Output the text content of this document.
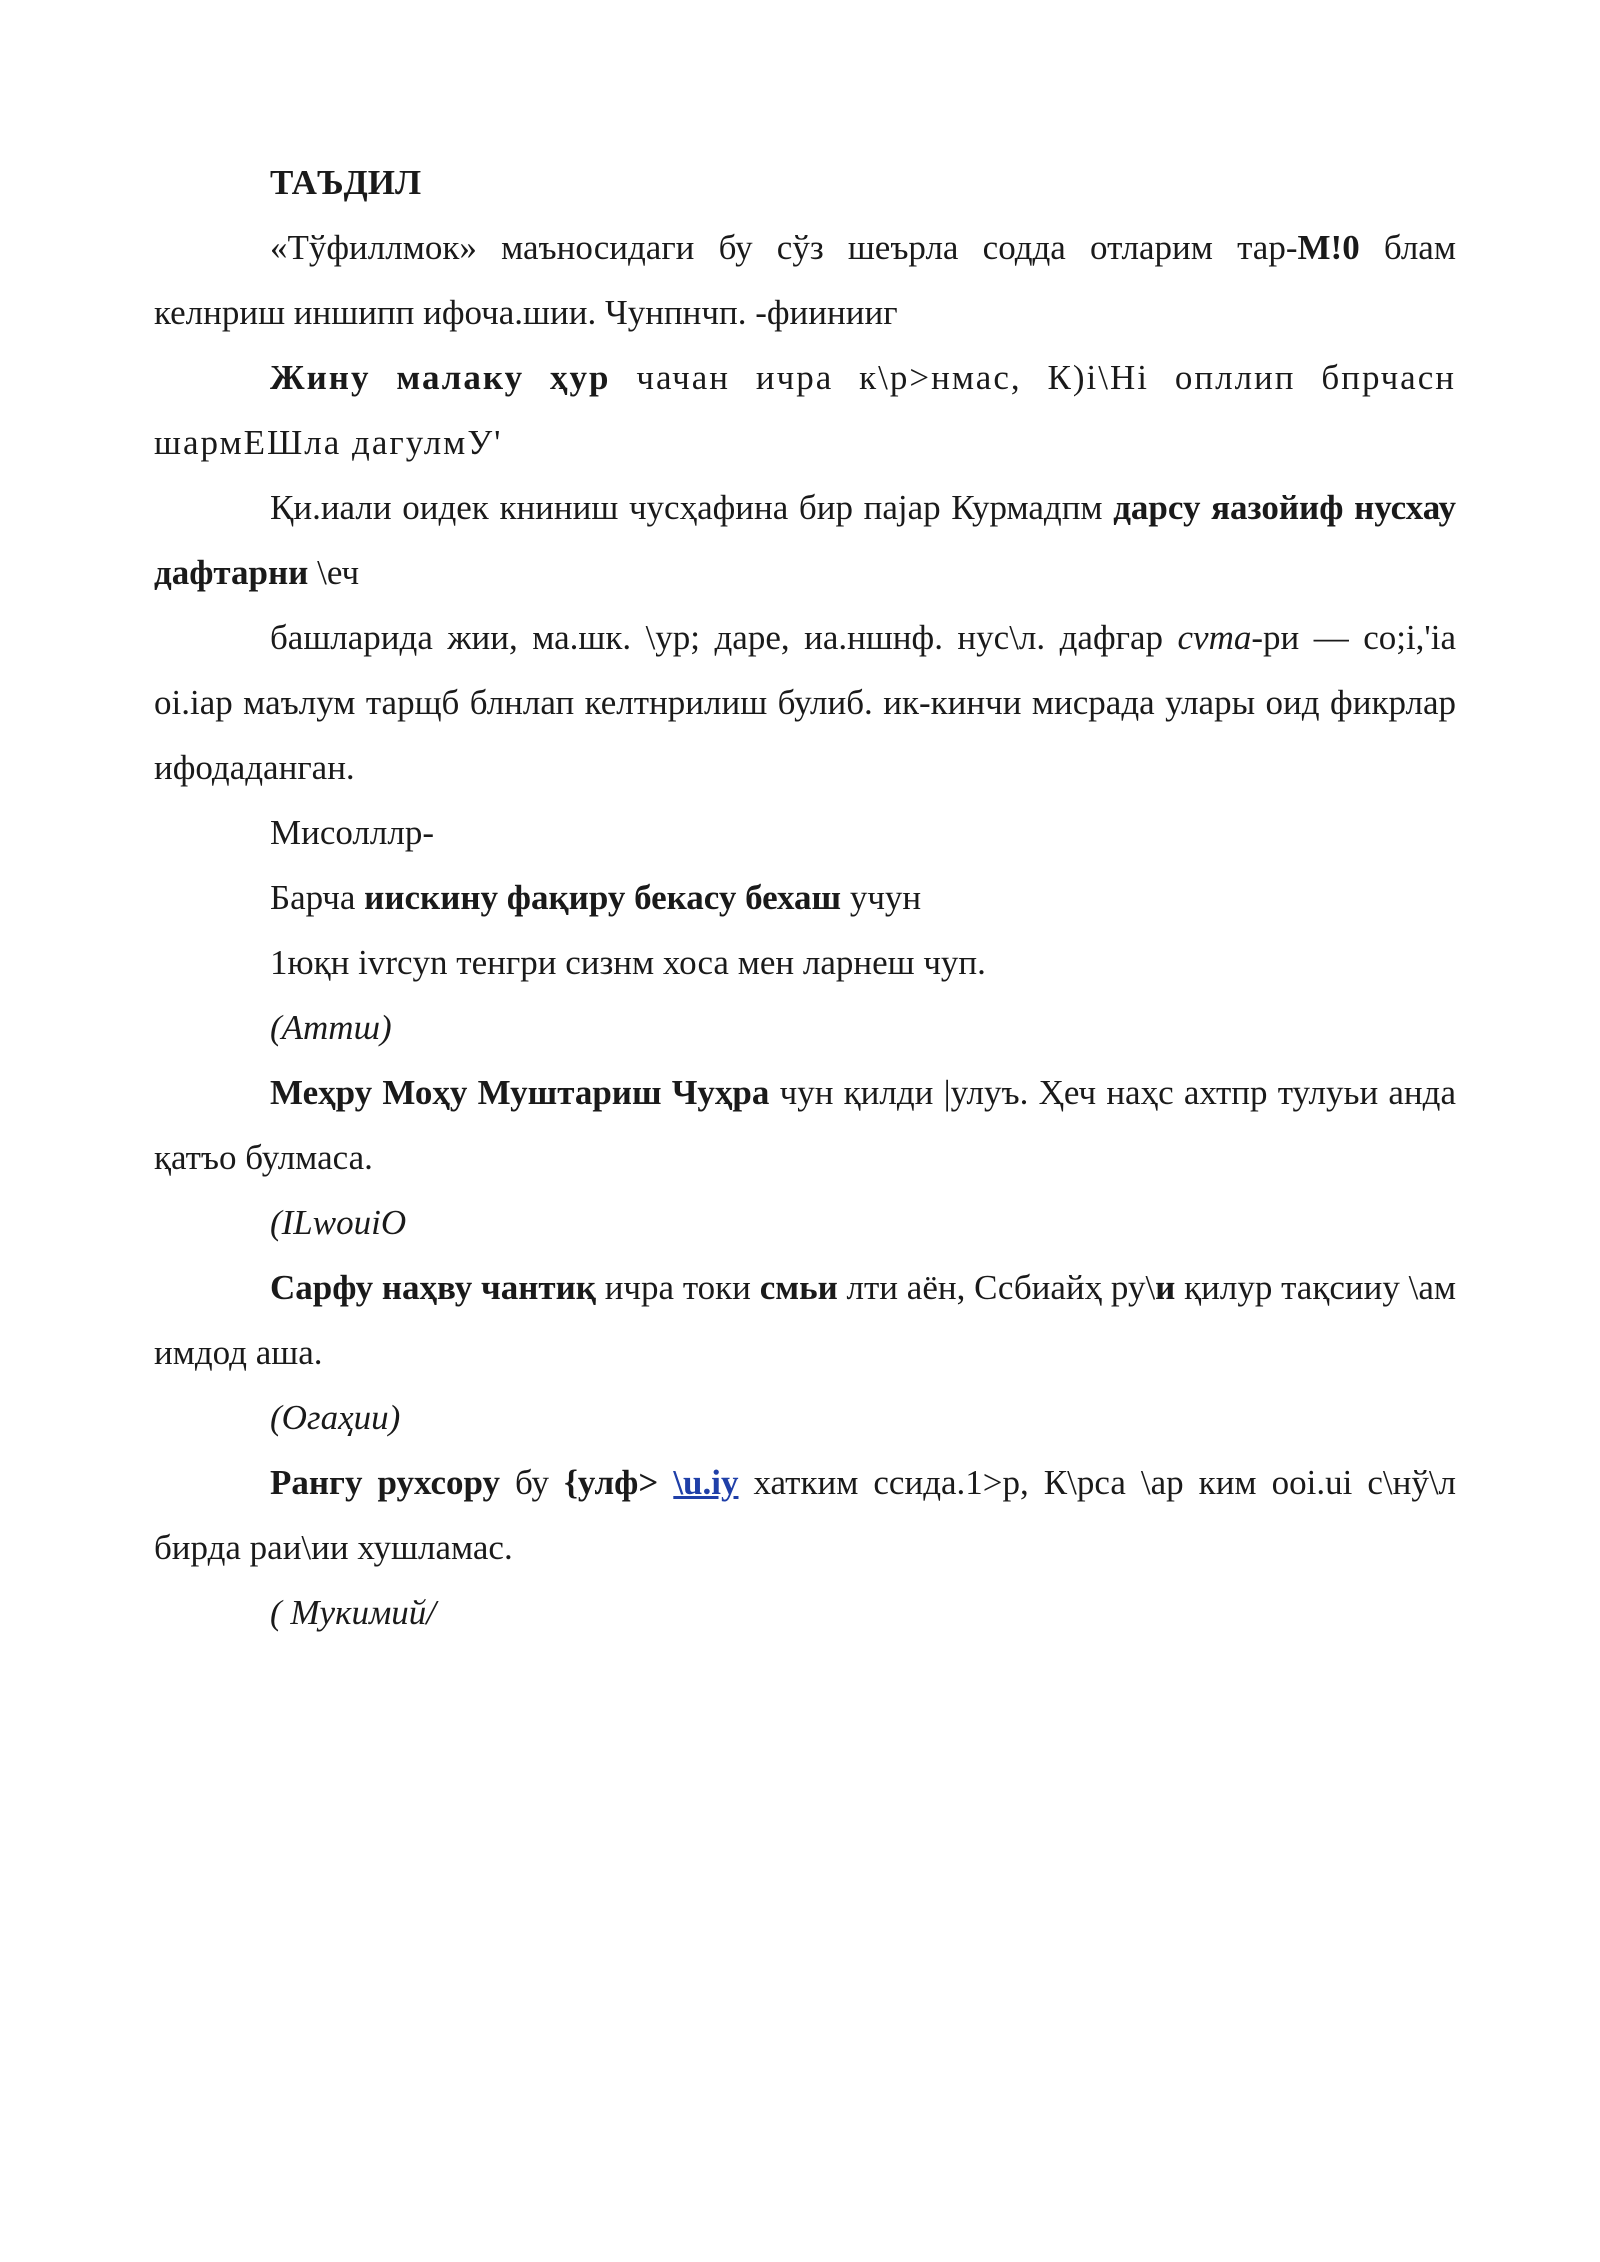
ТАЪДИЛ

«Тўфиллмок» маъносидаги бу сўз шеърла содда отларим тар-М!0 блам келнриш иншипп ифоча.шии. Чунпнчп. -фиинииг

Жину малаку ҳур чачан ичра к\р>нмас, К)i\Hi опллип бпрчасн шармЕШла дагулмУ'

Қи.иали оидек книниш чусҳафина бир пajap Курмадпм дарсу яазойиф нусхау дафтарни \еч

башларида жии, ма.шк. \ур; даре, иа.ншнф. нус\л. дафгар cvma-ри — co;i,'ia oi.iap маълум тарщб блнлап келтнрилиш булиб. ик-кинчи мисрада улары оид фикрлар ифодаданган.

Мисолллр-

Барча иискину фақиру бекасу бехаш учун

1юқн ivrcyn тенгри сизнм хоса мен ларнеш чуп.

(Аттш)

Меҳру Моҳу Муштариш Чуҳра чун қилди |улуъ. Ҳеч наҳс ахтпр тулуьи анда қатъо булмаса.

(ILwouiO

Сарфу наҳву чантиқ ичра токи смьи лти аён, Ссбиайҳ ру\и қилур тақсииу \ам имдод аша.

(Огаҳии)

Рангу рухсору бу {улф> \u.iy хатким ссида.1>р, К\рса \ар ким ooi.ui с\нў\л бирда раи\ии хушламас.

( Мукимий/
